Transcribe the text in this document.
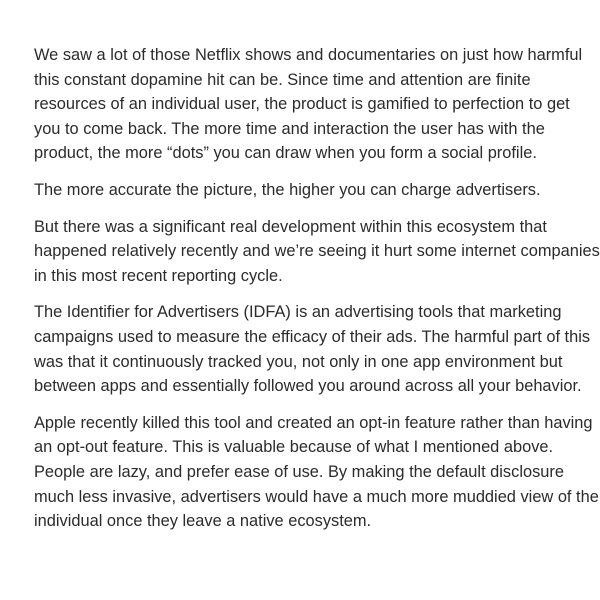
We saw a lot of those Netflix shows and documentaries on just how harmful
this constant dopamine hit can be. Since time and attention are finite
resources of an individual user, the product is gamified to perfection to get
you to come back. The more time and interaction the user has with the
product, the more “dots” you can draw when you form a social profile.

The more accurate the picture, the higher you can charge advertisers.

But there was a significant real development within this ecosystem that
happened relatively recently and we’re seeing it hurt some internet companies
in this most recent reporting cycle.

The Identifier for Advertisers (IDFA) is an advertising tools that marketing
campaigns used to measure the efficacy of their ads. The harmful part of this
was that it continuously tracked you, not only in one app environment but
between apps and essentially followed you around across all your behavior.

Apple recently killed this tool and created an opt-in feature rather than having
an opt-out feature. This is valuable because of what I mentioned above.
People are lazy, and prefer ease of use. By making the default disclosure
much less invasive, advertisers would have a much more muddied view of the
individual once they leave a native ecosystem.
